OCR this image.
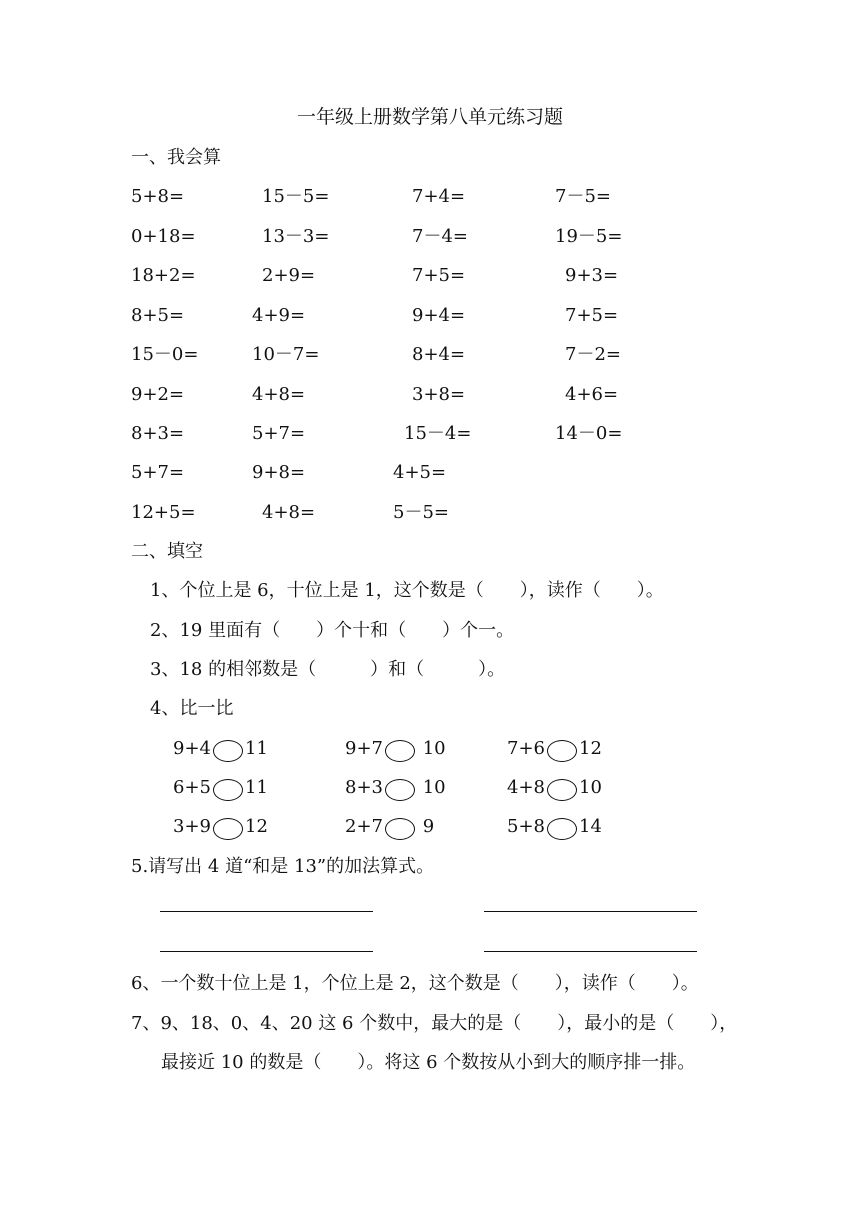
一年级上册数学第八单元练习题
一、我会算
5+8=	15－5=	7+4=	7－5=
0+18=	13－3=	7－4=	19－5=
18+2=	2+9=	7+5=	9+3=
8+5=	4+9=	9+4=	7+5=
15－0=	10－7=	8+4=	7－2=
9+2=	4+8=	3+8=	4+6=
8+3=	5+7=	15－4=	14－0=
5+7=	9+8=	4+5=
12+5=	4+8=	5－5=
二、填空
1、个位上是 6，十位上是 1，这个数是（　　），读作（　　）。
2、19 里面有（　　）个十和（　　）个一。
3、18 的相邻数是（　　　）和（　　　）。
4、比一比
9+4 11	9+7 10	7+6 12
6+5 11	8+3 10	4+8 10
3+9 12	2+7 9	5+8 14
5.请写出 4 道“和是 13”的加法算式。
6、一个数十位上是 1，个位上是 2，这个数是（　　），读作（　　）。
7、9、18、0、4、20 这 6 个数中，最大的是（　　），最小的是（　　），
最接近 10 的数是（　　）。将这 6 个数按从小到大的顺序排一排。
